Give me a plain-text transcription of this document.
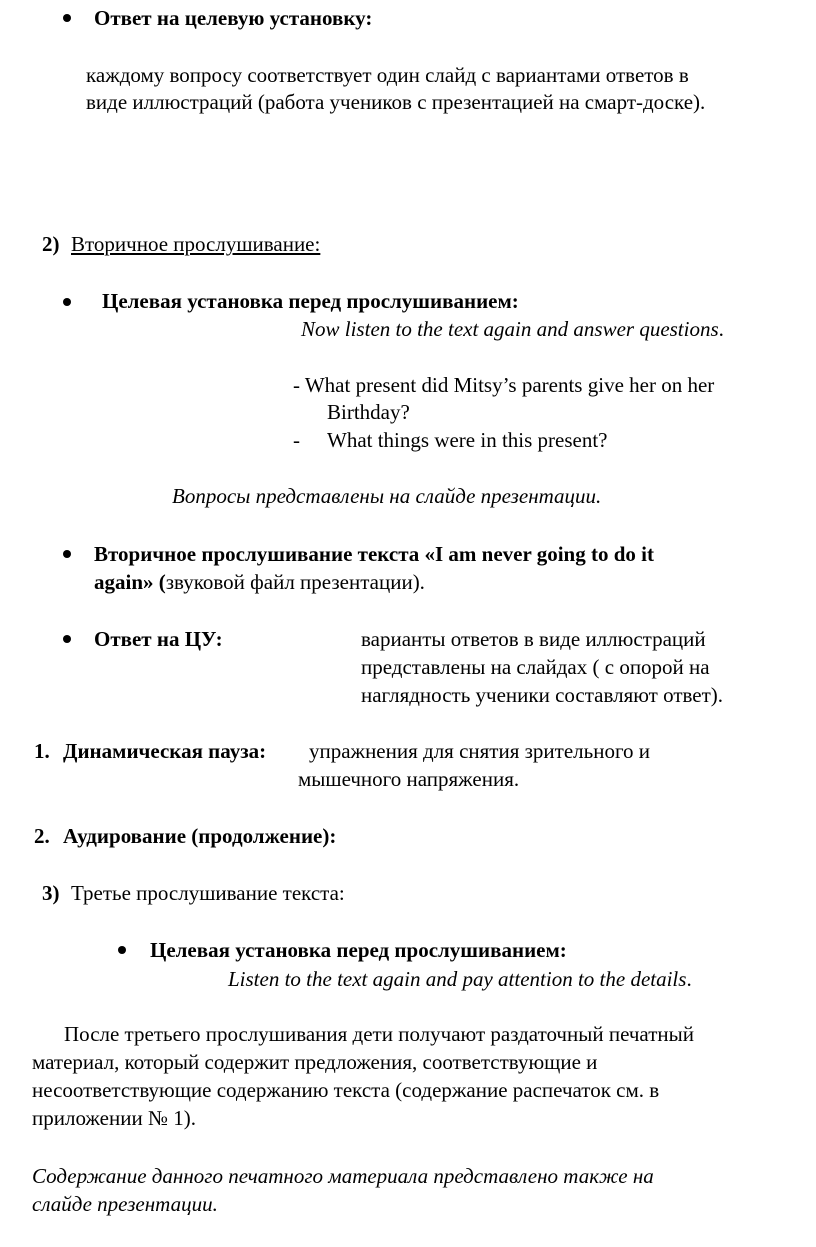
Ответ на целевую установку:
каждому вопросу соответствует один слайд с вариантами ответов в
виде иллюстраций (работа учеников с презентацией на смарт-доске).
2) Вторичное прослушивание:
Целевая установка перед прослушиванием:
Now listen to the text again and answer questions.
- What present did Mitsy’s parents give her on her
Birthday?
- What things were in this present?
Вопросы представлены на слайде презентации.
Вторичное прослушивание текста «I am never going to do it
again» (звуковой файл презентации).
Ответ на ЦУ:	варианты ответов в виде иллюстраций
представлены на слайдах ( с опорой на
наглядность ученики составляют ответ).
1. Динамическая пауза: упражнения для снятия зрительного и
мышечного напряжения.
2. Аудирование (продолжение):
3) Третье прослушивание текста:
Целевая установка перед прослушиванием:
Listen to the text again and pay attention to the details.
После третьего прослушивания дети получают раздаточный печатный
материал, который содержит предложения, соответствующие и
несоответствующие содержанию текста (содержание распечаток см. в
приложении № 1).
Содержание данного печатного материала представлено также на
слайде презентации.
